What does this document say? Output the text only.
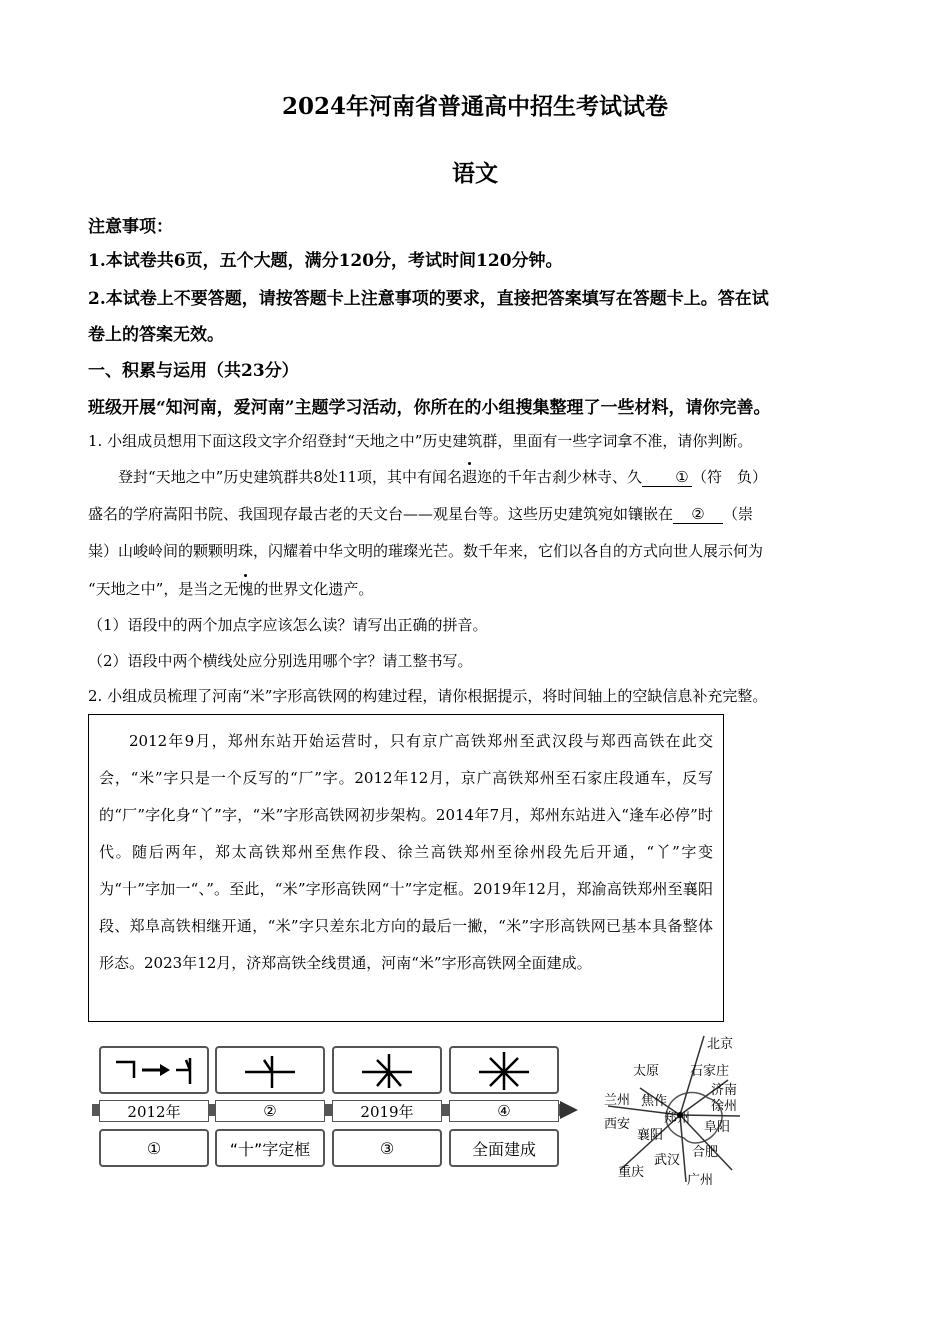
2024年河南省普通高中招生考试试卷
语文
注意事项：
1.本试卷共6页，五个大题，满分120分，考试时间120分钟。
2.本试卷上不要答题，请按答题卡上注意事项的要求，直接把答案填写在答题卡上。答在试
卷上的答案无效。
一、积累与运用（共23分）
班级开展“知河南，爱河南”主题学习活动，你所在的小组搜集整理了一些材料，请你完善。
1. 小组成员想用下面这段文字介绍登封“天地之中”历史建筑群，里面有一些字词拿不准，请你判断。
登封“天地之中”历史建筑群共8处11项，其中有闻名遐迩的千年古刹少林寺、久 ① （符　负）
盛名的学府嵩阳书院、我国现存最古老的天文台——观星台等。这些历史建筑宛如镶嵌在 ② （崇
粜）山峻岭间的颗颗明珠，闪耀着中华文明的璀璨光芒。数千年来，它们以各自的方式向世人展示何为
“天地之中”，是当之无愧的世界文化遗产。
（1）语段中的两个加点字应该怎么读？请写出正确的拼音。
（2）语段中两个横线处应分别选用哪个字？请工整书写。
2. 小组成员梳理了河南“米”字形高铁网的构建过程，请你根据提示，将时间轴上的空缺信息补充完整。

2012年9月，郑州东站开始运营时，只有京广高铁郑州至武汉段与郑西高铁在此交会，“米”字只是一个反写的“厂”字。2012年12月，京广高铁郑州至石家庄段通车，反写的“厂”字化身“丫”字，“米”字形高铁网初步架构。2014年7月，郑州东站进入“逢车必停”时代。随后两年，郑太高铁郑州至焦作段、徐兰高铁郑州至徐州段先后开通，“丫”字变为“十”字加一“、”。至此，“米”字形高铁网“十”字定框。2019年12月，郑渝高铁郑州至襄阳段、郑阜高铁相继开通，“米”字只差东北方向的最后一撇，“米”字形高铁网已基本具备整体形态。2023年12月，济郑高铁全线贯通，河南“米”字形高铁网全面建成。

2012年	②	2019年	④
①	“十”字定框	③	全面建成
北京
太原 石家庄
济南
兰州 焦作	徐州
郑州
西安
襄阳
阜阳
合肥
武汉
重庆
广州
